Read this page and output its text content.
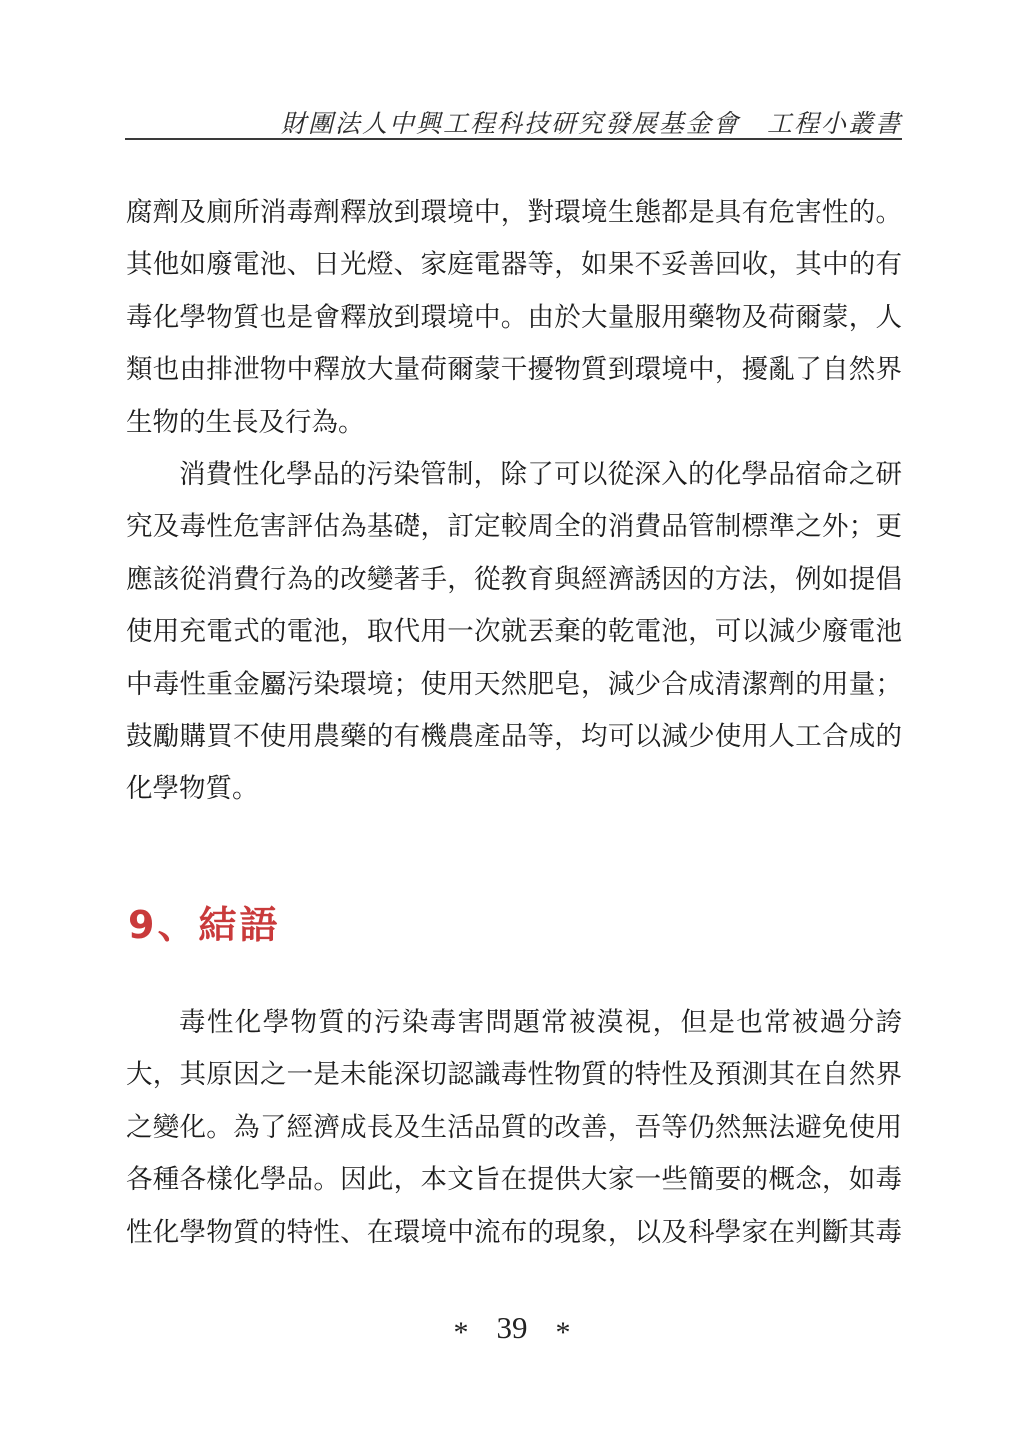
財團法人中興工程科技研究發展基金會　工程小叢書
腐劑及廁所消毒劑釋放到環境中，對環境生態都是具有危害性的。
其他如廢電池、日光燈、家庭電器等，如果不妥善回收，其中的有
毒化學物質也是會釋放到環境中。由於大量服用藥物及荷爾蒙，人
類也由排泄物中釋放大量荷爾蒙干擾物質到環境中，擾亂了自然界
生物的生長及行為。
消費性化學品的污染管制，除了可以從深入的化學品宿命之研
究及毒性危害評估為基礎，訂定較周全的消費品管制標準之外；更
應該從消費行為的改變著手，從教育與經濟誘因的方法，例如提倡
使用充電式的電池，取代用一次就丟棄的乾電池，可以減少廢電池
中毒性重金屬污染環境；使用天然肥皂，減少合成清潔劑的用量；
鼓勵購買不使用農藥的有機農產品等，均可以減少使用人工合成的
化學物質。
9、結語
毒性化學物質的污染毒害問題常被漠視，但是也常被過分誇
大，其原因之一是未能深切認識毒性物質的特性及預測其在自然界
之變化。為了經濟成長及生活品質的改善，吾等仍然無法避免使用
各種各樣化學品。因此，本文旨在提供大家一些簡要的概念，如毒
性化學物質的特性、在環境中流布的現象，以及科學家在判斷其毒
* 39 *
